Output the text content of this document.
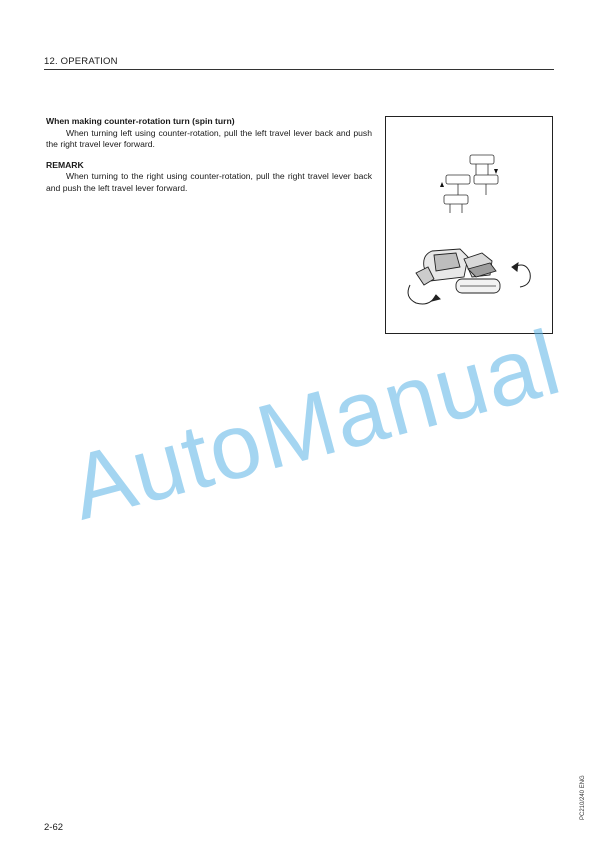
12. OPERATION

When making counter-rotation turn (spin turn)

When turning left using counter-rotation, pull the left travel lever back and push the right travel lever forward.

REMARK

When turning to the right using counter-rotation, pull the right travel lever back and push the left travel lever forward.

AutoManual
PC210/240 ENG
2-62
